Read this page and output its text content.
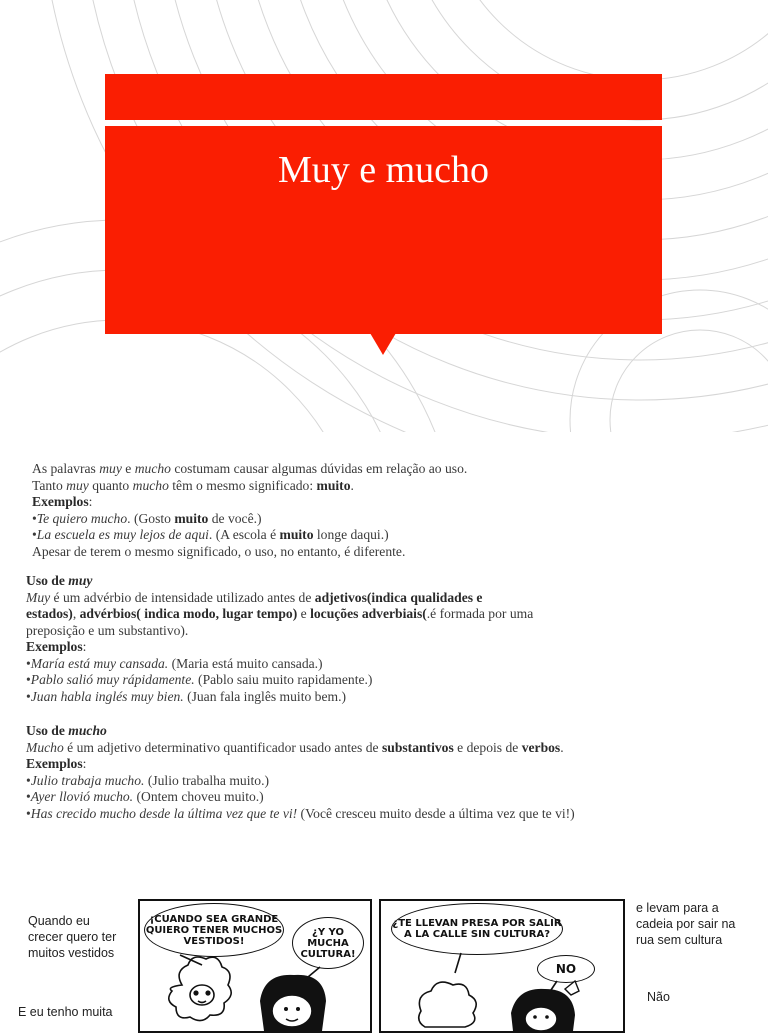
Muy e mucho
As palavras muy e mucho costumam causar algumas dúvidas em relação ao uso.
Tanto muy quanto mucho têm o mesmo significado: muito.
Exemplos:
•Te quiero mucho. (Gosto muito de você.)
•La escuela es muy lejos de aqui. (A escola é muito longe daqui.)
Apesar de terem o mesmo significado, o uso, no entanto, é diferente.
Uso de muy
Muy é um advérbio de intensidade utilizado antes de adjetivos(indica qualidades e
estados), advérbios( indica modo, lugar tempo) e locuções adverbiais(.é formada por uma
preposição e um substantivo).
Exemplos:
•María está muy cansada. (Maria está muito cansada.)
•Pablo salió muy rápidamente. (Pablo saiu muito rapidamente.)
•Juan habla inglés muy bien. (Juan fala inglês muito bem.)
Uso de mucho
Mucho é um adjetivo determinativo quantificador usado antes de substantivos e depois de verbos.
Exemplos:
•Julio trabaja mucho. (Julio trabalha muito.)
•Ayer llovió mucho. (Ontem choveu muito.)
•Has crecido mucho desde la última vez que te vi! (Você cresceu muito desde a última vez que te vi!)
Quando eu
crecer quero ter
muitos vestidos
E eu tenho muita
e levam para a
cadeia por sair na
rua sem cultura
Não
¡CUANDO SEA GRANDE QUIERO TENER MUCHOS VESTIDOS!
¿Y YO MUCHA CULTURA!
¿TE LLEVAN PRESA POR SALIR A LA CALLE SIN CULTURA?
NO
